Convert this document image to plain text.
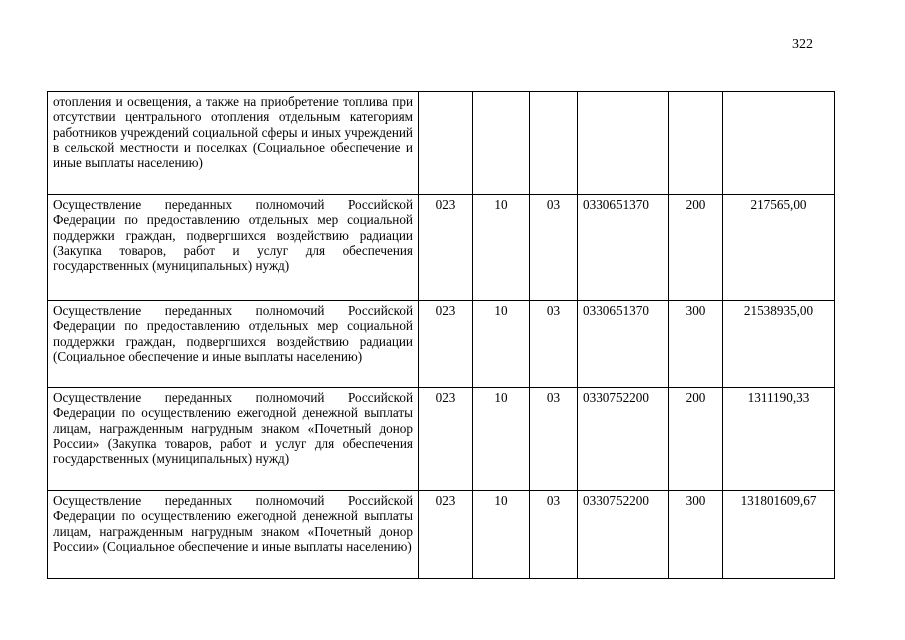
322
отопления и освещения, а также на приобретение топлива при отсутствии центрального отопления отдельным категориям работников учреждений социальной сферы и иных учреждений в сельской местности и поселках (Социальное обеспечение и иные выплаты населению)						
Осуществление переданных полномочий Российской Федерации по предоставлению отдельных мер социальной поддержки граждан, подвергшихся воздействию радиации (Закупка товаров, работ и услуг для обеспечения государственных (муниципальных) нужд)	023	10	03	0330651370	200	217565,00
Осуществление переданных полномочий Российской Федерации по предоставлению отдельных мер социальной поддержки граждан, подвергшихся воздействию радиации (Социальное обеспечение и иные выплаты населению)	023	10	03	0330651370	300	21538935,00
Осуществление переданных полномочий Российской Федерации по осуществлению ежегодной денежной выплаты лицам, награжденным нагрудным знаком «Почетный донор России» (Закупка товаров, работ и услуг для обеспечения государственных (муниципальных) нужд)	023	10	03	0330752200	200	1311190,33
Осуществление переданных полномочий Российской Федерации по осуществлению ежегодной денежной выплаты лицам, награжденным нагрудным знаком «Почетный донор России» (Социальное обеспечение и иные выплаты населению)	023	10	03	0330752200	300	131801609,67
